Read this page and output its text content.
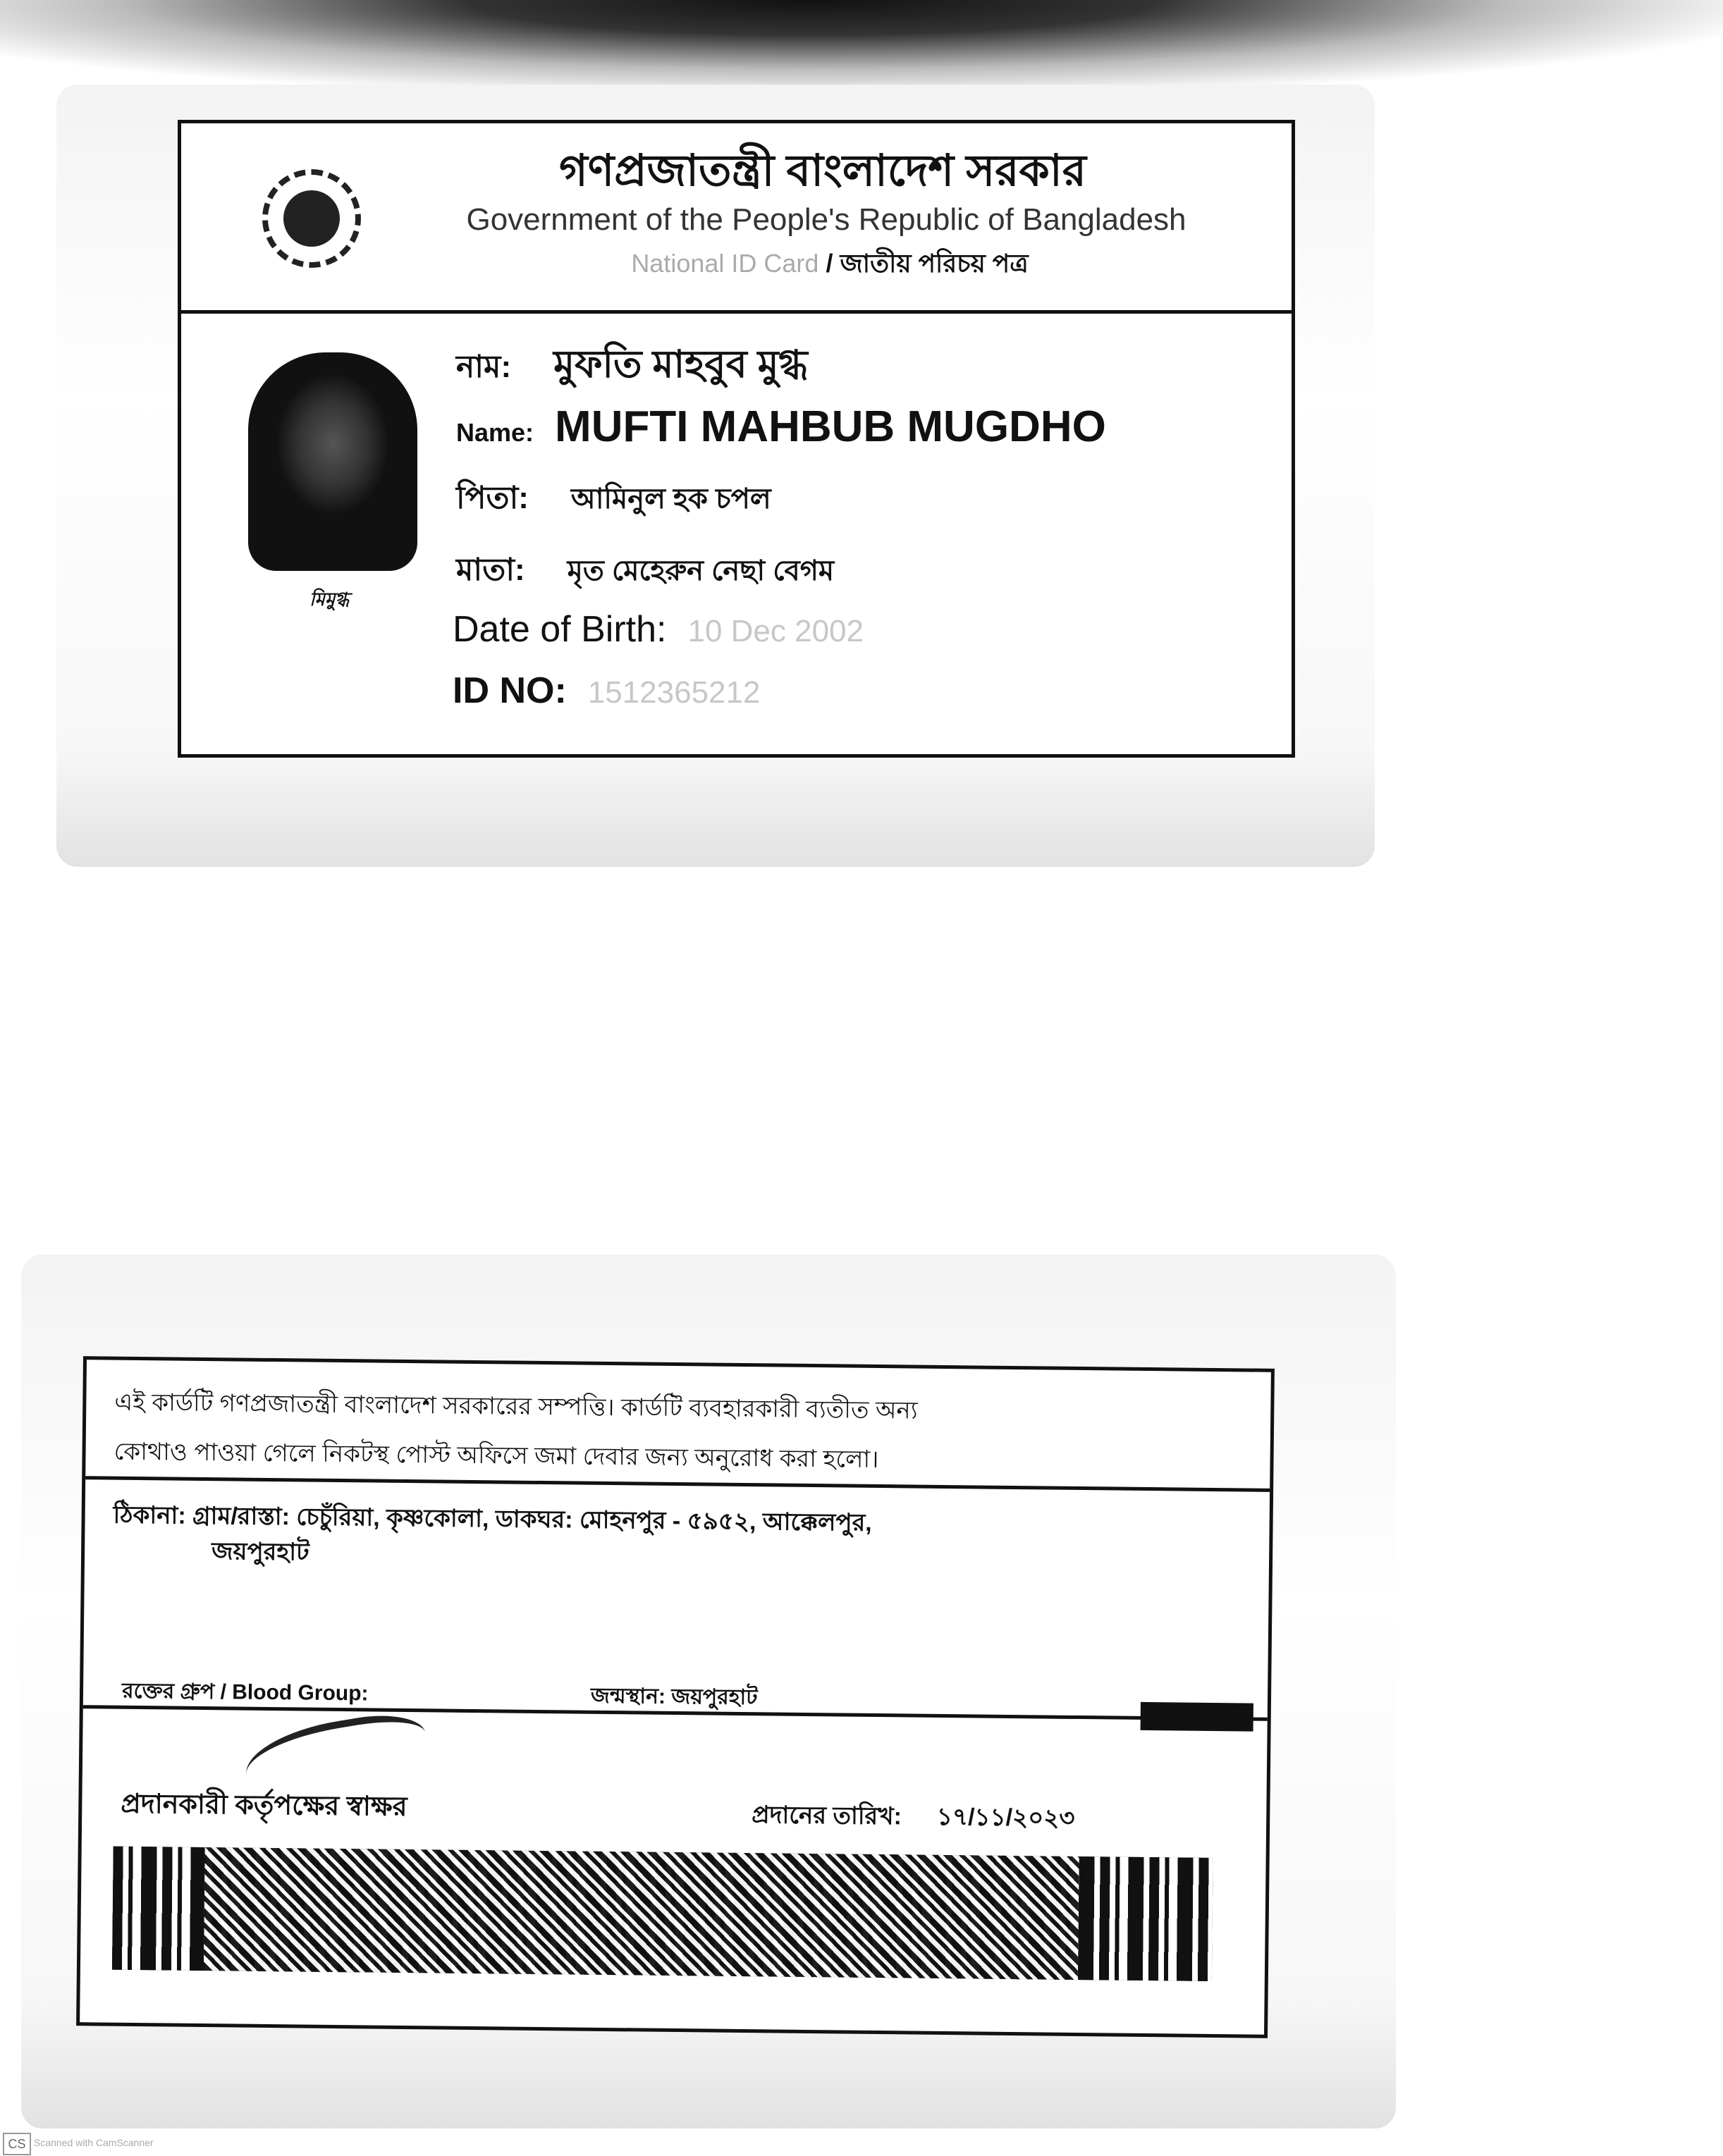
গণপ্রজাতন্ত্রী বাংলাদেশ সরকার
Government of the People's Republic of Bangladesh
National ID Card / জাতীয় পরিচয় পত্র
মিমুগ্ধ
নাম: মুফতি মাহবুব মুগ্ধ
Name: MUFTI MAHBUB MUGDHO
পিতা: আমিনুল হক চপল
মাতা: মৃত মেহেরুন নেছা বেগম
Date of Birth: 10 Dec 2002
ID NO: 1512365212
এই কার্ডটি গণপ্রজাতন্ত্রী বাংলাদেশ সরকারের সম্পত্তি। কার্ডটি ব্যবহারকারী ব্যতীত অন্য
কোথাও পাওয়া গেলে নিকটস্থ পোস্ট অফিসে জমা দেবার জন্য অনুরোধ করা হলো।
ঠিকানা: গ্রাম/রাস্তা: চেচুঁরিয়া, কৃষ্ণকোলা, ডাকঘর: মোহনপুর - ৫৯৫২, আক্কেলপুর,
জয়পুরহাট
রক্তের গ্রুপ / Blood Group:	জন্মস্থান: জয়পুরহাট
প্রদানকারী কর্তৃপক্ষের স্বাক্ষর	প্রদানের তারিখ: ১৭/১১/২০২৩
CS Scanned with CamScanner
